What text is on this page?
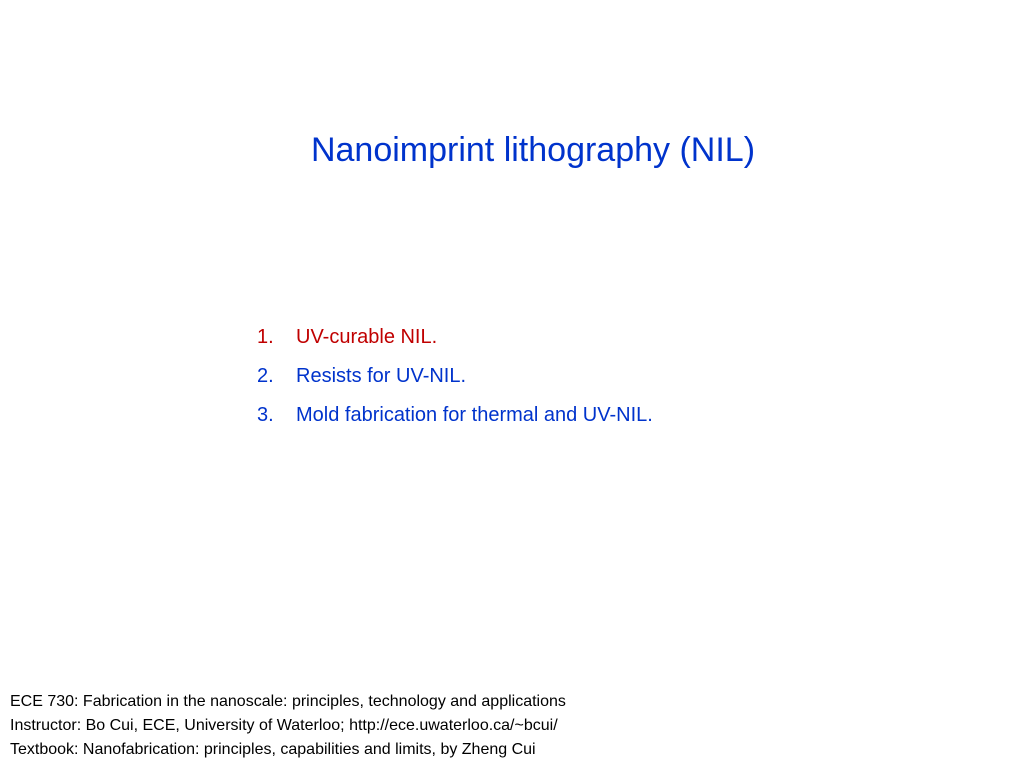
Nanoimprint lithography (NIL)
1.	UV-curable NIL.
2.	Resists for UV-NIL.
3.	Mold fabrication for thermal and UV-NIL.
ECE 730: Fabrication in the nanoscale: principles, technology and applications
Instructor: Bo Cui, ECE, University of Waterloo; http://ece.uwaterloo.ca/~bcui/
Textbook: Nanofabrication: principles, capabilities and limits, by Zheng Cui
